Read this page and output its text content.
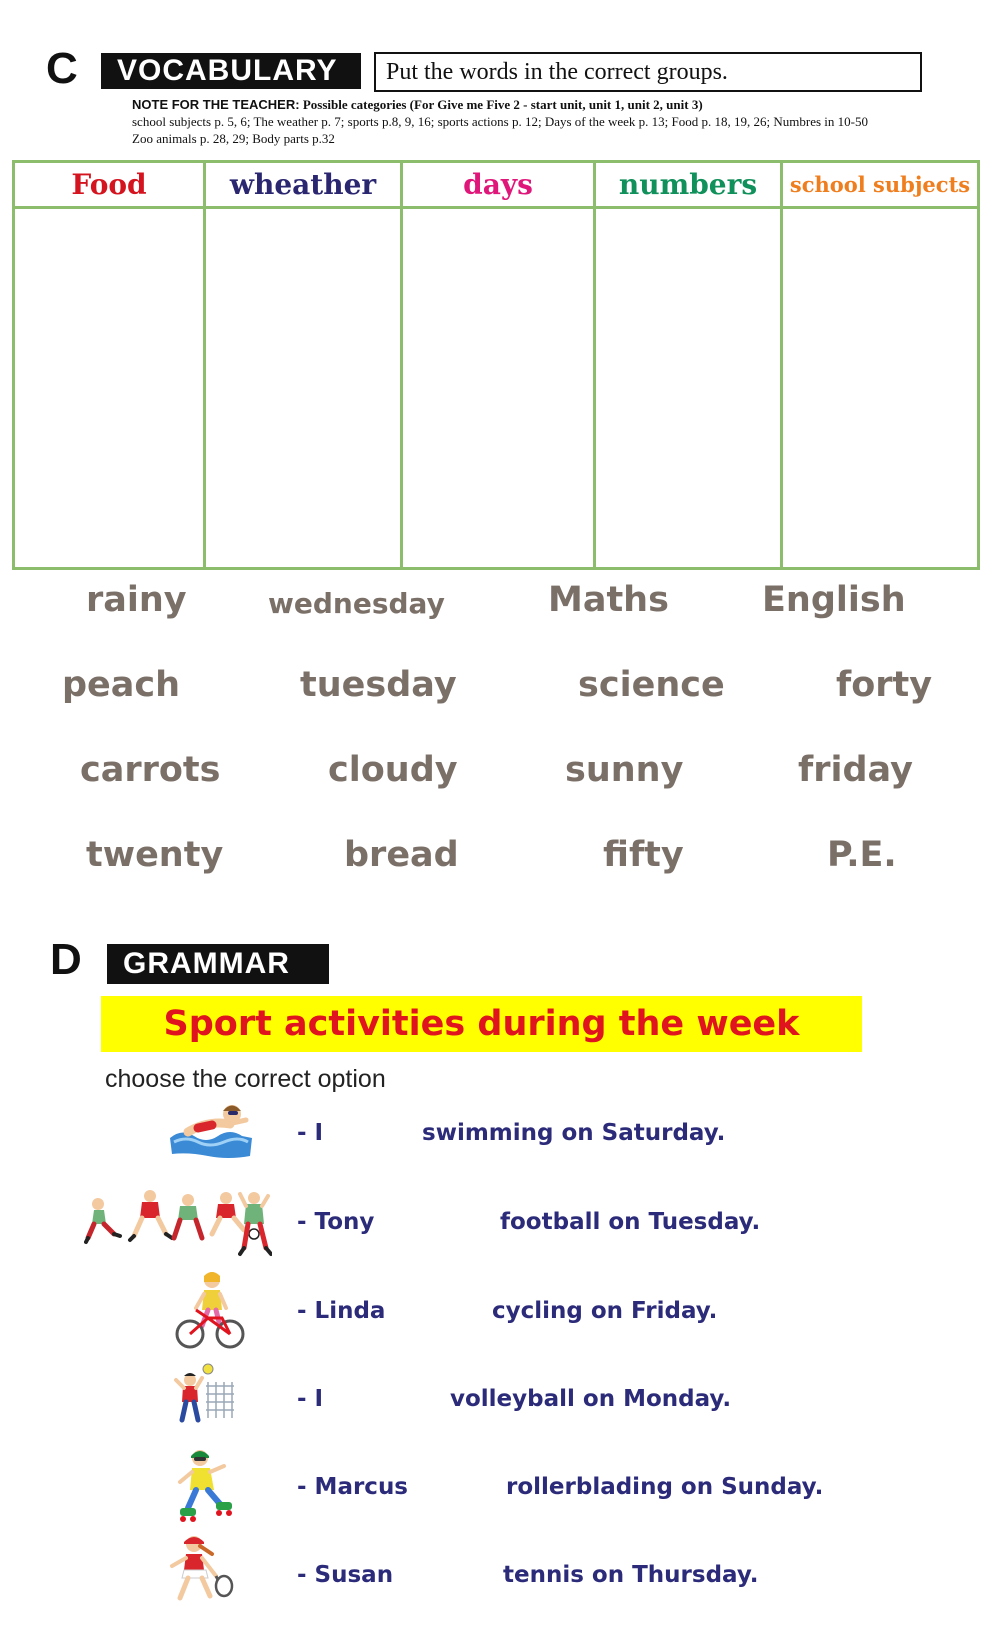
C	VOCABULARY	Put the words in the correct groups.
NOTE FOR THE TEACHER: Possible categories (For Give me Five 2 - start unit, unit 1, unit 2, unit 3)
school subjects p. 5, 6; The weather p. 7; sports p.8, 9, 16; sports actions p. 12; Days of the week p. 13; Food p. 18, 19, 26; Numbres in 10-50
Zoo animals p. 28, 29; Body parts p.32
Food	wheather	days	numbers	school subjects
rainy	wednesday	Maths	English
peach	tuesday	science	forty
carrots	cloudy	sunny	friday
twenty	bread	fifty	P.E.
D	GRAMMAR
Sport activities during the week
choose the correct option
- I	swimming on Saturday.
- Tony	football on Tuesday.
- Linda	cycling on Friday.
- I	volleyball on Monday.
- Marcus	rollerblading on Sunday.
- Susan	tennis on Thursday.
